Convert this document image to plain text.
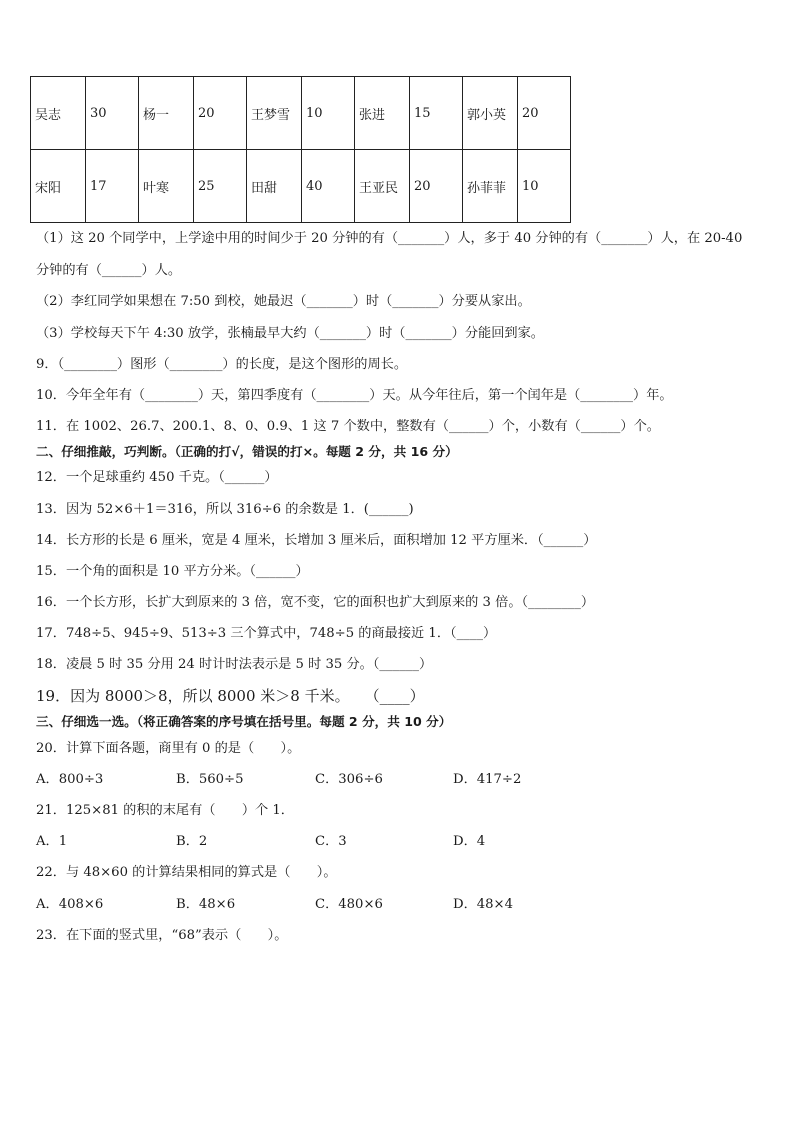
吴志	30	杨一	20	王梦雪	10	张进	15	郭小英	20
宋阳	17	叶寒	25	田甜	40	王亚民	20	孙菲菲	10
（1）这 20 个同学中，上学途中用的时间少于 20 分钟的有（_______）人，多于 40 分钟的有（_______）人，在 20-40
分钟的有（______）人。
（2）李红同学如果想在 7:50 到校，她最迟（_______）时（_______）分要从家出。
（3）学校每天下午 4:30 放学，张楠最早大约（_______）时（_______）分能回到家。
9．（________）图形（________）的长度，是这个图形的周长。
10．今年全年有（________）天，第四季度有（________）天。从今年往后，第一个闰年是（________）年。
11．在 1002、26.7、200.1、8、0、0.9、1 这 7 个数中，整数有（______）个，小数有（______）个。
二、仔细推敲，巧判断。（正确的打√，错误的打×。每题 2 分，共 16 分）
12．一个足球重约 450 千克。（______）
13．因为 52×6＋1＝316，所以 316÷6 的余数是 1．(______)
14．长方形的长是 6 厘米，宽是 4 厘米，长增加 3 厘米后，面积增加 12 平方厘米．（______）
15．一个角的面积是 10 平方分米。（______）
16．一个长方形，长扩大到原来的 3 倍，宽不变，它的面积也扩大到原来的 3 倍。（________）
17．748÷5、945÷9、513÷3 三个算式中，748÷5 的商最接近 1．（____）
18．凌晨 5 时 35 分用 24 时计时法表示是 5 时 35 分。（______）
19．因为 8000＞8，所以 8000 米＞8 千米。　　（____）
三、仔细选一选。（将正确答案的序号填在括号里。每题 2 分，共 10 分）
20．计算下面各题，商里有 0 的是（　　）。
A．800÷3	B．560÷5	C．306÷6	D．417÷2
21．125×81 的积的末尾有（　　）个 1．
A．1	B．2	C．3	D．4
22．与 48×60 的计算结果相同的算式是（　　）。
A．408×6	B．48×6	C．480×6	D．48×4
23．在下面的竖式里，“68”表示（　　）。
